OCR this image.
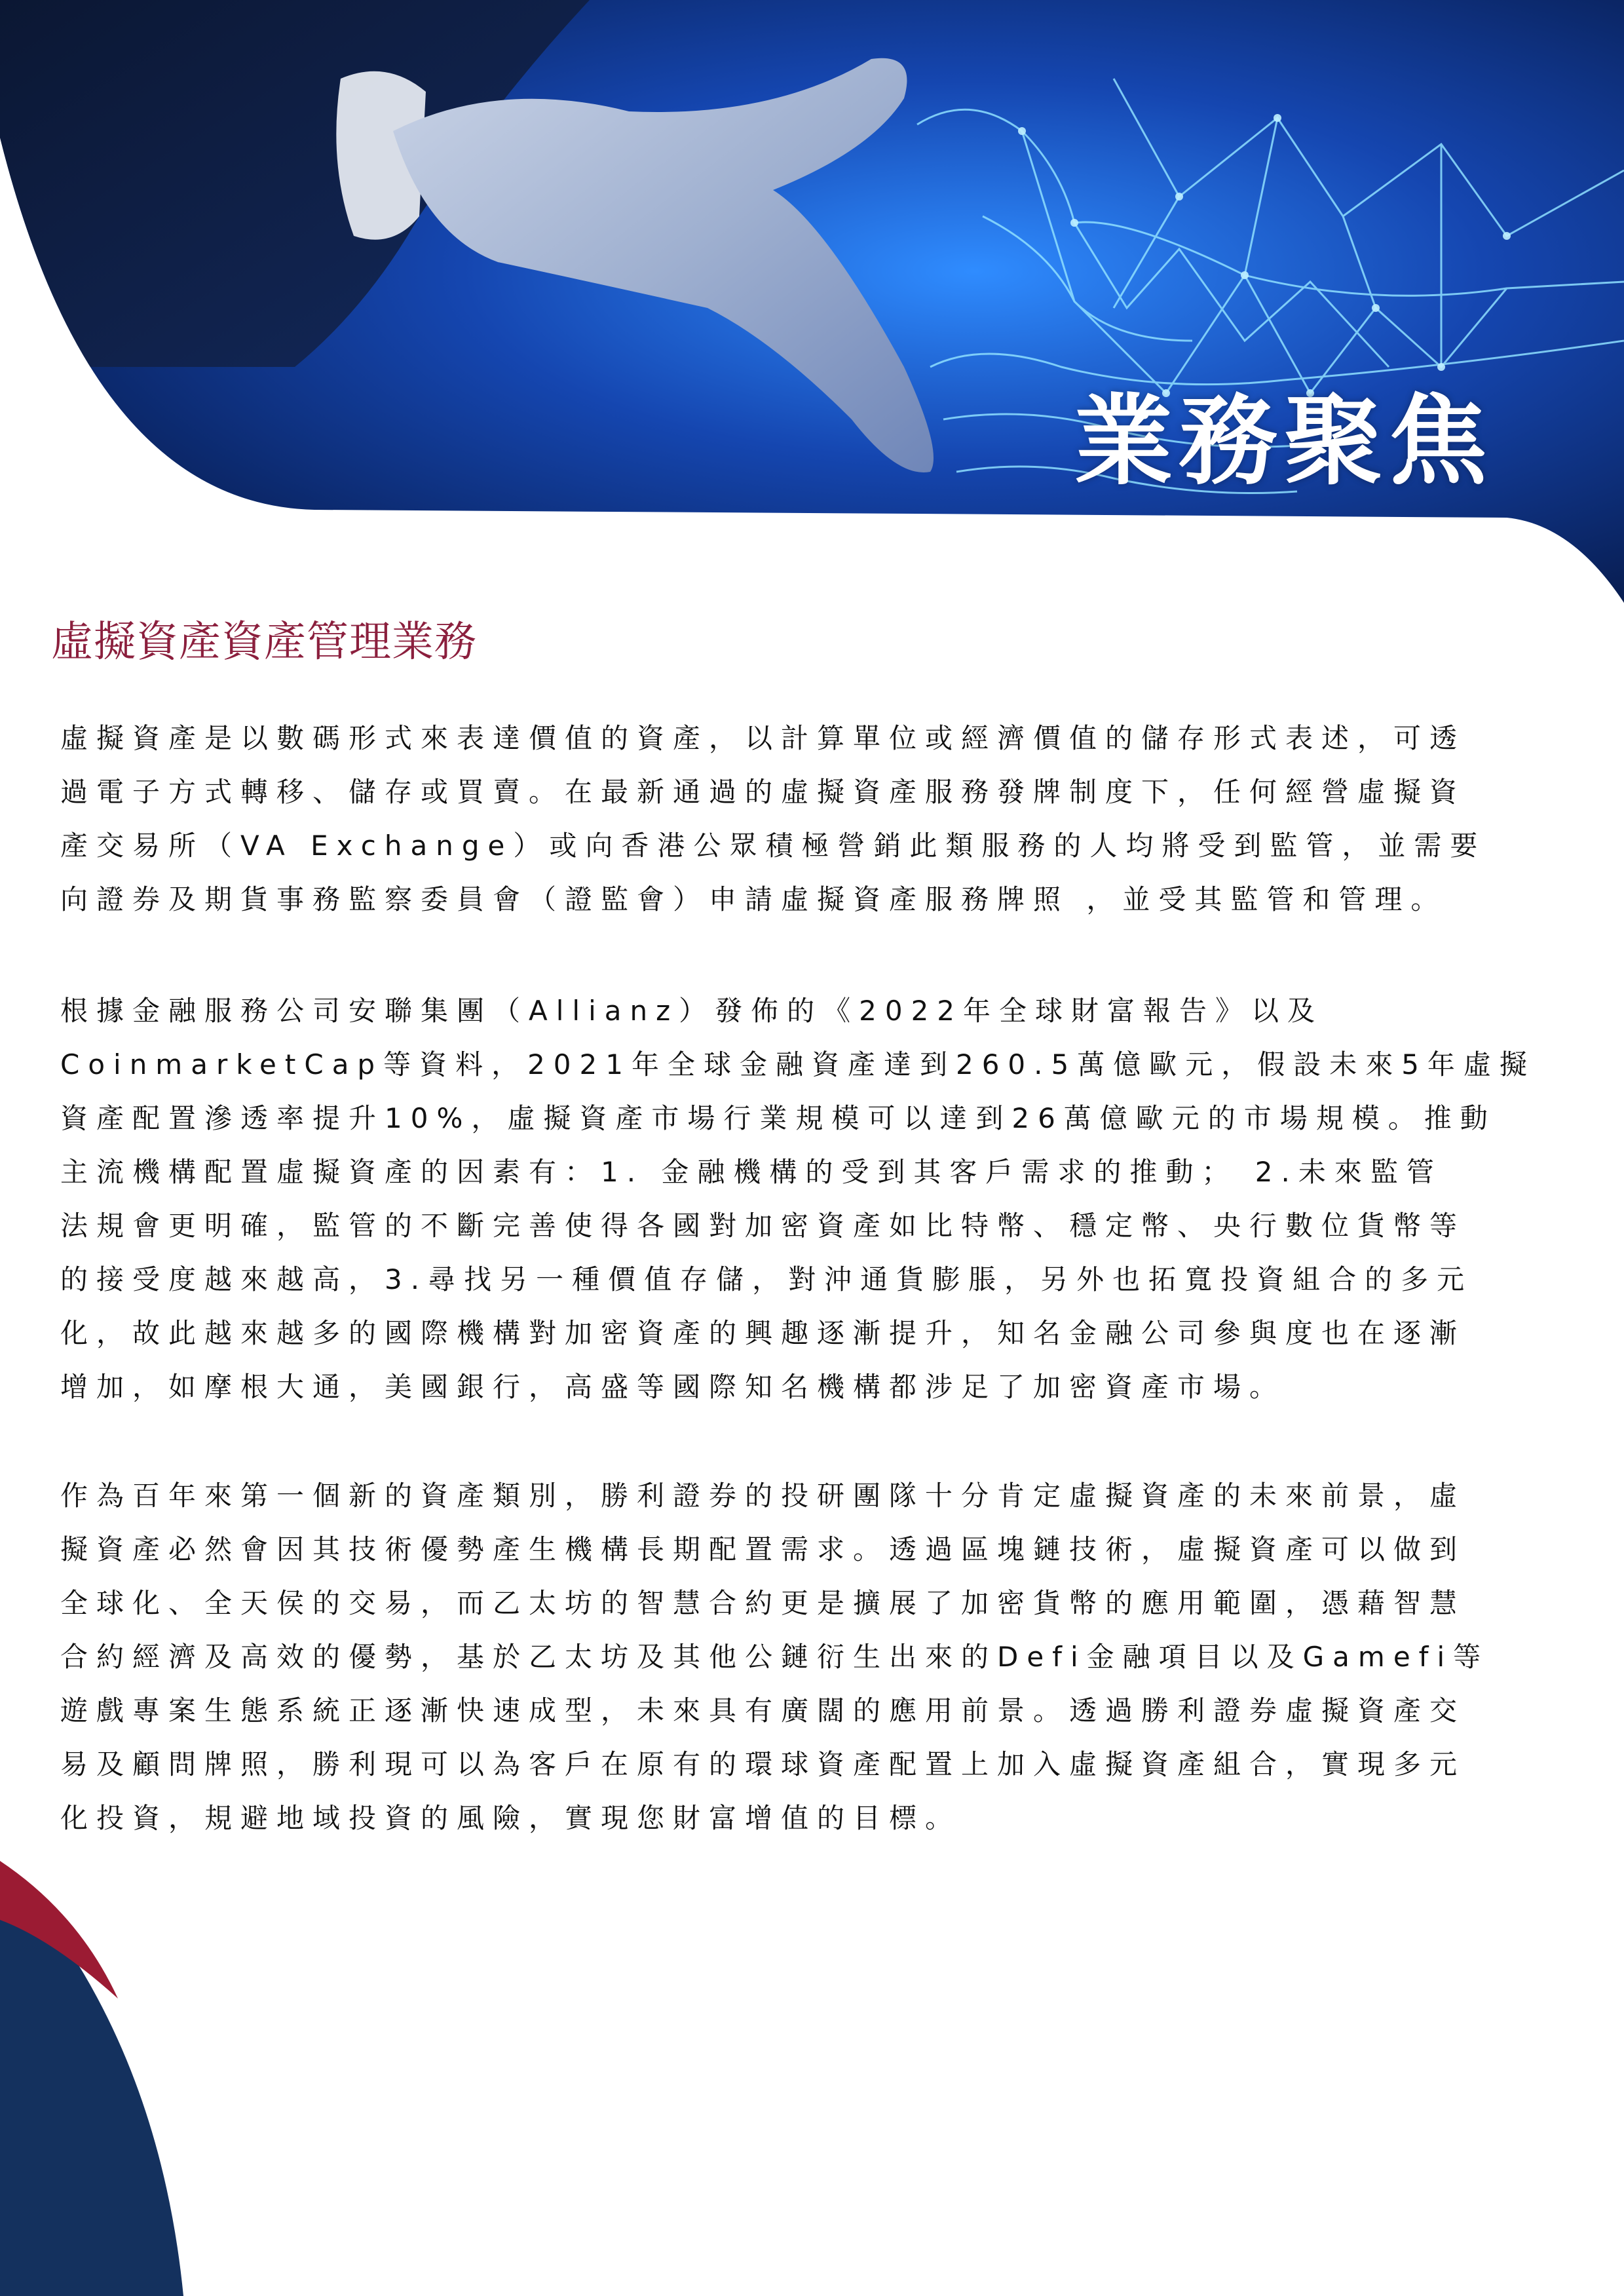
業務聚焦
虛擬資產資產管理業務
虛擬資產是以數碼形式來表達價值的資產，以計算單位或經濟價值的儲存形式表述，可透
過電子方式轉移、儲存或買賣。在最新通過的虛擬資產服務發牌制度下，任何經營虛擬資
產交易所（VA Exchange）或向香港公眾積極營銷此類服務的人均將受到監管，並需要
向證券及期貨事務監察委員會（證監會）申請虛擬資產服務牌照 ，並受其監管和管理。
根據金融服務公司安聯集團（Allianz）發佈的《2022年全球財富報告》以及
CoinmarketCap等資料，2021年全球金融資產達到260.5萬億歐元，假設未來5年虛擬
資產配置滲透率提升10%，虛擬資產市場行業規模可以達到26萬億歐元的市場規模。推動
主流機構配置虛擬資產的因素有：1. 金融機構的受到其客戶需求的推動； 2.未來監管
法規會更明確，監管的不斷完善使得各國對加密資產如比特幣、穩定幣、央行數位貨幣等
的接受度越來越高，3.尋找另一種價值存儲，對沖通貨膨脹，另外也拓寬投資組合的多元
化，故此越來越多的國際機構對加密資產的興趣逐漸提升，知名金融公司參與度也在逐漸
增加，如摩根大通，美國銀行，高盛等國際知名機構都涉足了加密資產市場。
作為百年來第一個新的資產類別，勝利證券的投研團隊十分肯定虛擬資產的未來前景，虛
擬資產必然會因其技術優勢產生機構長期配置需求。透過區塊鏈技術，虛擬資產可以做到
全球化、全天侯的交易，而乙太坊的智慧合約更是擴展了加密貨幣的應用範圍，憑藉智慧
合約經濟及高效的優勢，基於乙太坊及其他公鏈衍生出來的Defi金融項目以及Gamefi等
遊戲專案生態系統正逐漸快速成型，未來具有廣闊的應用前景。透過勝利證券虛擬資產交
易及顧問牌照，勝利現可以為客戶在原有的環球資產配置上加入虛擬資產組合，實現多元
化投資，規避地域投資的風險，實現您財富增值的目標。
